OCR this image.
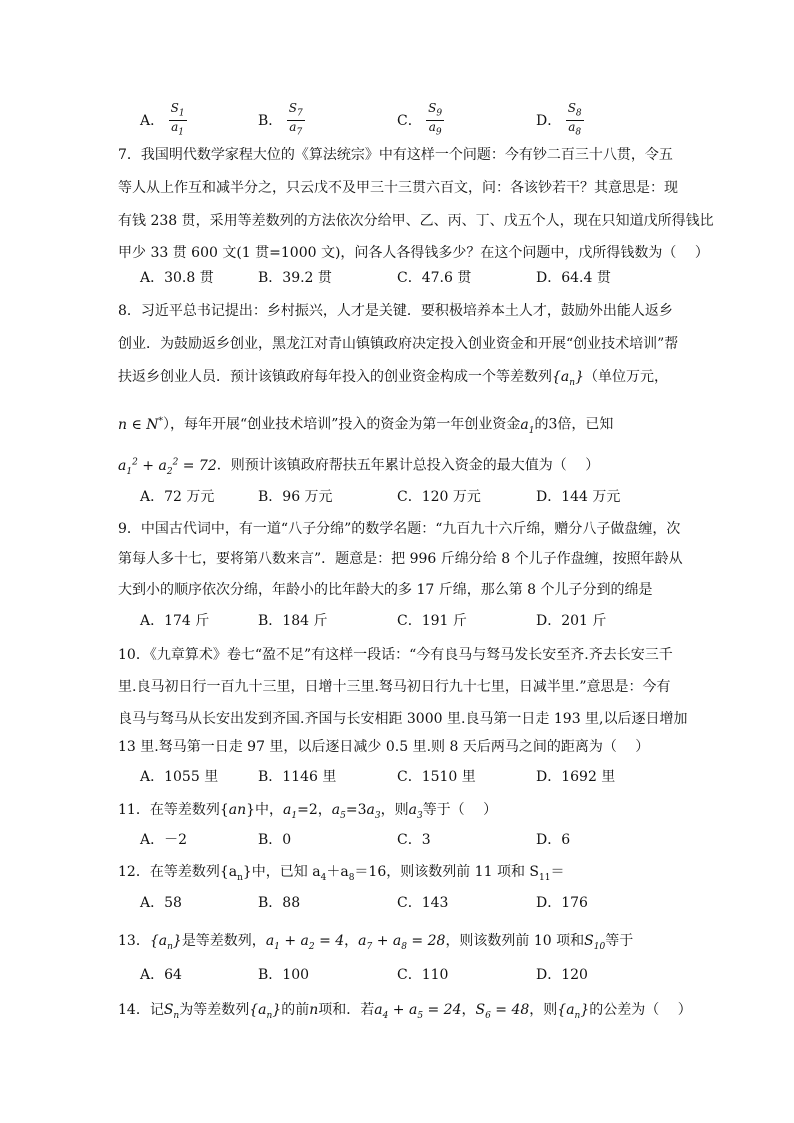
A． $\frac{S_1}{a_1}$	B． $\frac{S_7}{a_7}$	C． $\frac{S_9}{a_9}$	D． $\frac{S_8}{a_8}$
7．我国明代数学家程大位的《算法统宗》中有这样一个问题：今有钞二百三十八贯，令五
等人从上作互和减半分之，只云戊不及甲三十三贯六百文，问：各该钞若干？其意思是：现
有钱 238 贯，采用等差数列的方法依次分给甲、乙、丙、丁、戊五个人，现在只知道戊所得钱比
甲少 33 贯 600 文(1 贯=1000 文)，问各人各得钱多少？在这个问题中，戊所得钱数为（　 ）
A．30.8 贯	B．39.2 贯	C．47.6 贯	D．64.4 贯
8．习近平总书记提出：乡村振兴，人才是关键．要积极培养本土人才，鼓励外出能人返乡
创业．为鼓励返乡创业，黑龙江对青山镇镇政府决定投入创业资金和开展“创业技术培训”帮
扶返乡创业人员．预计该镇政府每年投入的创业资金构成一个等差数列$\{a_n\}$（单位万元，
n ∈ N*），每年开展“创业技术培训”投入的资金为第一年创业资金$a_1$的3倍，已知
$a_1^2 + a_2^2 = 72$．则预计该镇政府帮扶五年累计总投入资金的最大值为（　 ）
A．72 万元	B．96 万元	C．120 万元	D．144 万元
9．中国古代词中，有一道“八子分绵”的数学名题：“九百九十六斤绵，赠分八子做盘缠，次
第每人多十七，要将第八数来言”．题意是：把 996 斤绵分给 8 个儿子作盘缠，按照年龄从
大到小的顺序依次分绵，年龄小的比年龄大的多 17 斤绵，那么第 8 个儿子分到的绵是
A．174 斤	B．184 斤	C．191 斤	D．201 斤
10．《九章算术》卷七“盈不足”有这样一段话：“今有良马与驽马发长安至齐.齐去长安三千
里.良马初日行一百九十三里，日增十三里.驽马初日行九十七里，日减半里.”意思是：今有
良马与驽马从长安出发到齐国.齐国与长安相距 3000 里.良马第一日走 193 里,以后逐日增加
13 里.驽马第一日走 97 里，以后逐日减少 0.5 里.则 8 天后两马之间的距离为（　 ）
A．1055 里	B．1146 里	C．1510 里	D．1692 里
11．在等差数列{an}中，$a_1=2$，$a_5=3a_3$，则$a_3$等于（　 ）
A．－2	B．0	C．3	D．6
12．在等差数列$\{a_n\}$中，已知 $a_4+a_8=16$，则该数列前 11 项和 $S_{11}=$
A．58	B．88	C．143	D．176
13．$\{a_n\}$是等差数列，$a_1 + a_2 = 4$，$a_7 + a_8 = 28$，则该数列前 10 项和$S_{10}$等于
A．64	B．100	C．110	D．120
14．记$S_n$为等差数列$\{a_n\}$的前n项和．若$a_4 + a_5 = 24$，$S_6 = 48$，则$\{a_n\}$的公差为（　 ）
